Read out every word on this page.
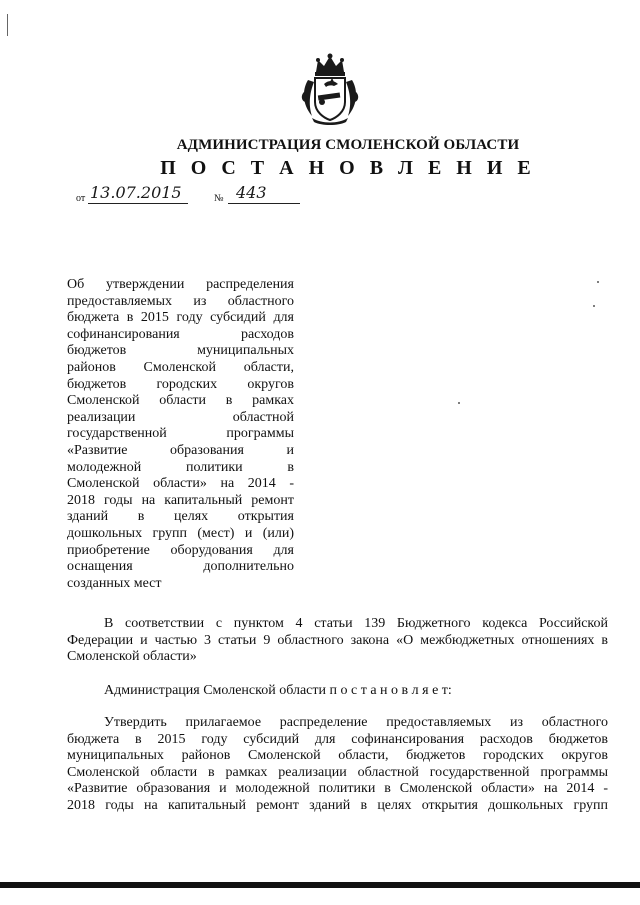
АДМИНИСТРАЦИЯ СМОЛЕНСКОЙ ОБЛАСТИ
П О С Т А Н О В Л Е Н И Е
от 13.07.2015	№ 443
Об утверждении распределения
предоставляемых из областного
бюджета в 2015 году субсидий для
софинансирования расходов
бюджетов муниципальных
районов Смоленской области,
бюджетов городских округов
Смоленской области в рамках
реализации областной
государственной программы
«Развитие образования и
молодежной политики в
Смоленской области» на 2014 -
2018 годы на капитальный ремонт
зданий в целях открытия
дошкольных групп (мест) и (или)
приобретение оборудования для
оснащения дополнительно
созданных мест
В соответствии с пунктом 4 статьи 139 Бюджетного кодекса Российской
Федерации и частью 3 статьи 9 областного закона «О межбюджетных отношениях в
Смоленской области»
Администрация Смоленской области п о с т а н о в л я е т:
Утвердить прилагаемое распределение предоставляемых из областного
бюджета в 2015 году субсидий для софинансирования расходов бюджетов
муниципальных районов Смоленской области, бюджетов городских округов
Смоленской области в рамках реализации областной государственной программы
«Развитие образования и молодежной политики в Смоленской области» на 2014 -
2018 годы на капитальный ремонт зданий в целях открытия дошкольных групп
